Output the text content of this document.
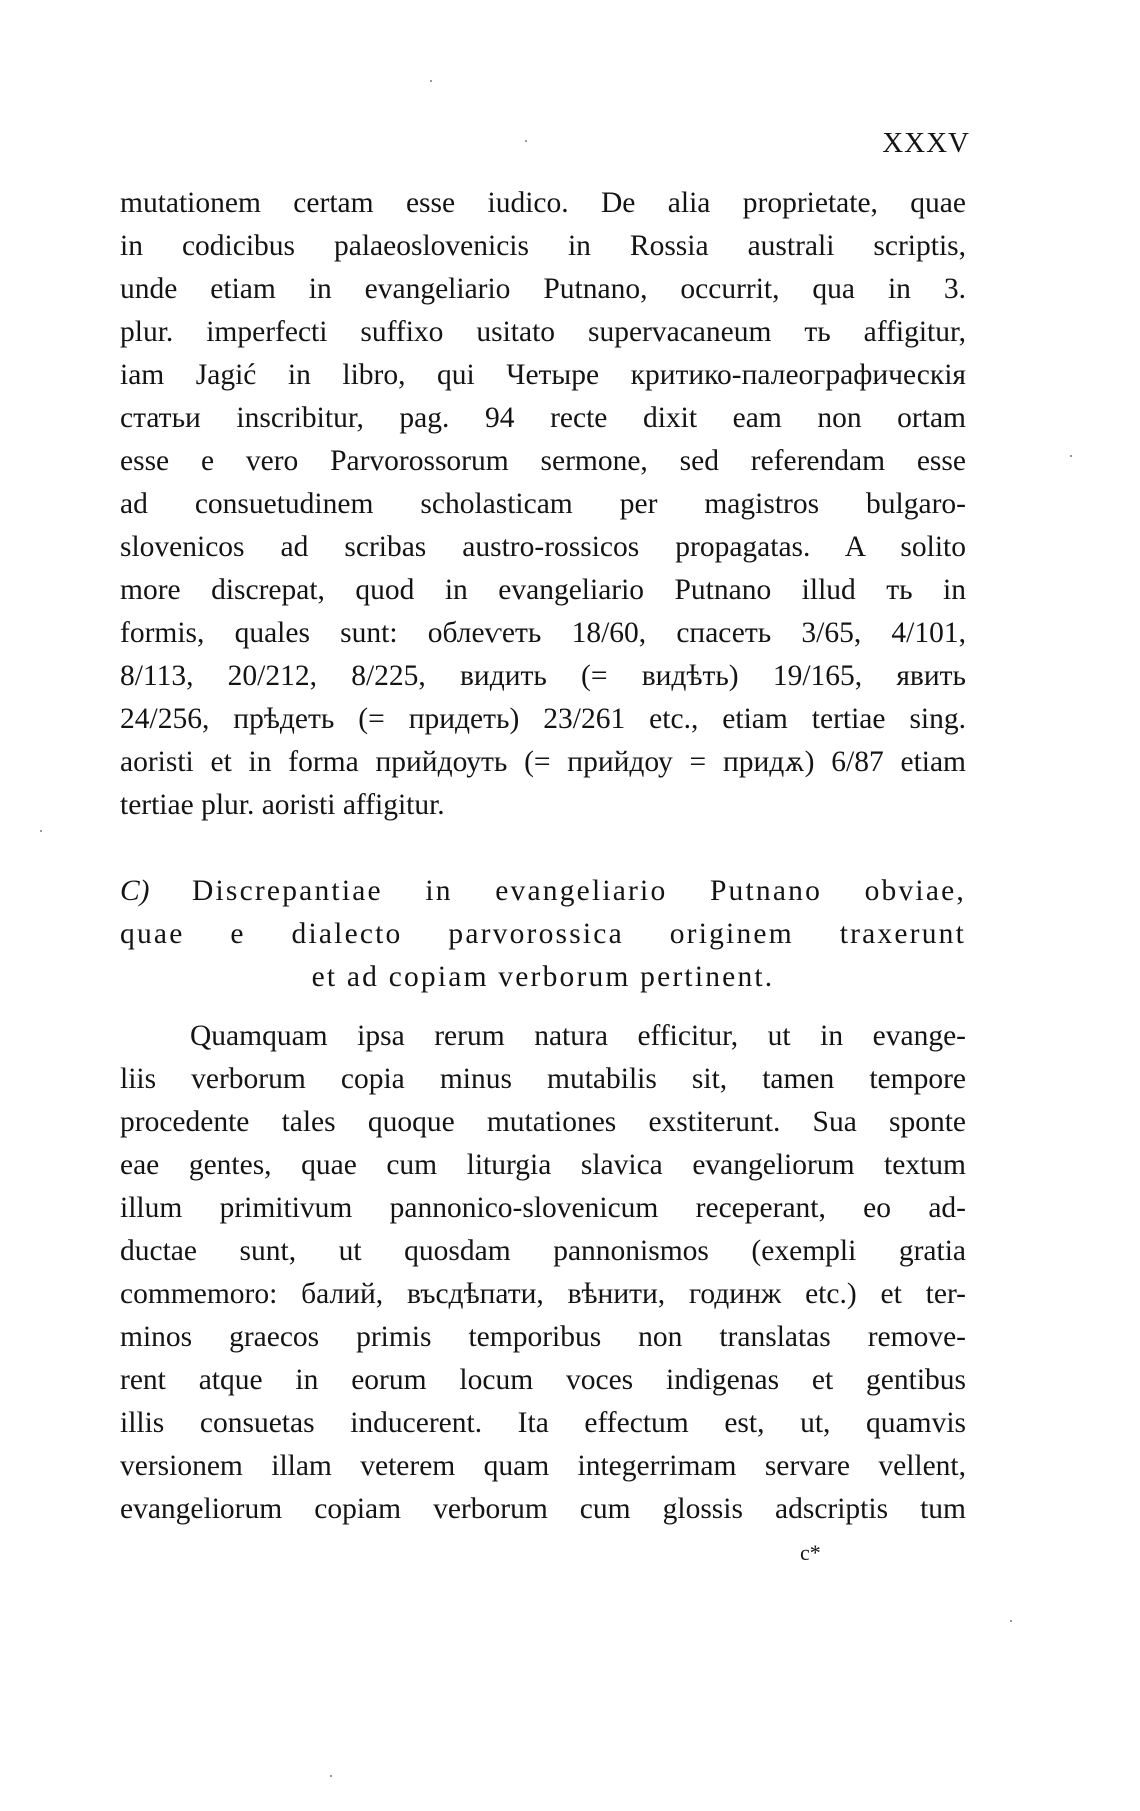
XXXV
mutationem certam esse iudico. De alia proprietate, quae
in codicibus palaeoslovenicis in Rossia australi scriptis,
unde etiam in evangeliario Putnano, occurrit, qua in 3.
plur. imperfecti suffixo usitato supervacaneum ть affigitur,
iam Jagić in libro, qui Четыре критико-палеографическія
статьи inscribitur, pag. 94 recte dixit eam non ortam
esse e vero Parvorossorum sermone, sed referendam esse
ad consuetudinem scholasticam per magistros bulgaro-
slovenicos ad scribas austro-rossicos propagatas. A solito
more discrepat, quod in evangeliario Putnano illud ть in
formis, quales sunt: облеѵеть 18/60, спасеть 3/65, 4/101,
8/113, 20/212, 8/225, видить (= видѣть) 19/165, явить
24/256, прѣдеть (= придеть) 23/261 etc., etiam tertiae sing.
aoristi et in forma прийдоуть (= прийдоу = придѫ) 6/87 etiam
tertiae plur. aoristi affigitur.
C) Discrepantiae in evangeliario Putnano obviae,
quae e dialecto parvorossica originem traxerunt
et ad copiam verborum pertinent.
Quamquam ipsa rerum natura efficitur, ut in evange-
liis verborum copia minus mutabilis sit, tamen tempore
procedente tales quoque mutationes exstiterunt. Sua sponte
eae gentes, quae cum liturgia slavica evangeliorum textum
illum primitivum pannonico-slovenicum receperant, eo ad-
ductae sunt, ut quosdam pannonismos (exempli gratia
commemoro: балий, въсдѣпати, вѣнити, годинж etc.) et ter-
minos graecos primis temporibus non translatas remove-
rent atque in eorum locum voces indigenas et gentibus
illis consuetas inducerent. Ita effectum est, ut, quamvis
versionem illam veterem quam integerrimam servare vellent,
evangeliorum copiam verborum cum glossis adscriptis tum
c*
